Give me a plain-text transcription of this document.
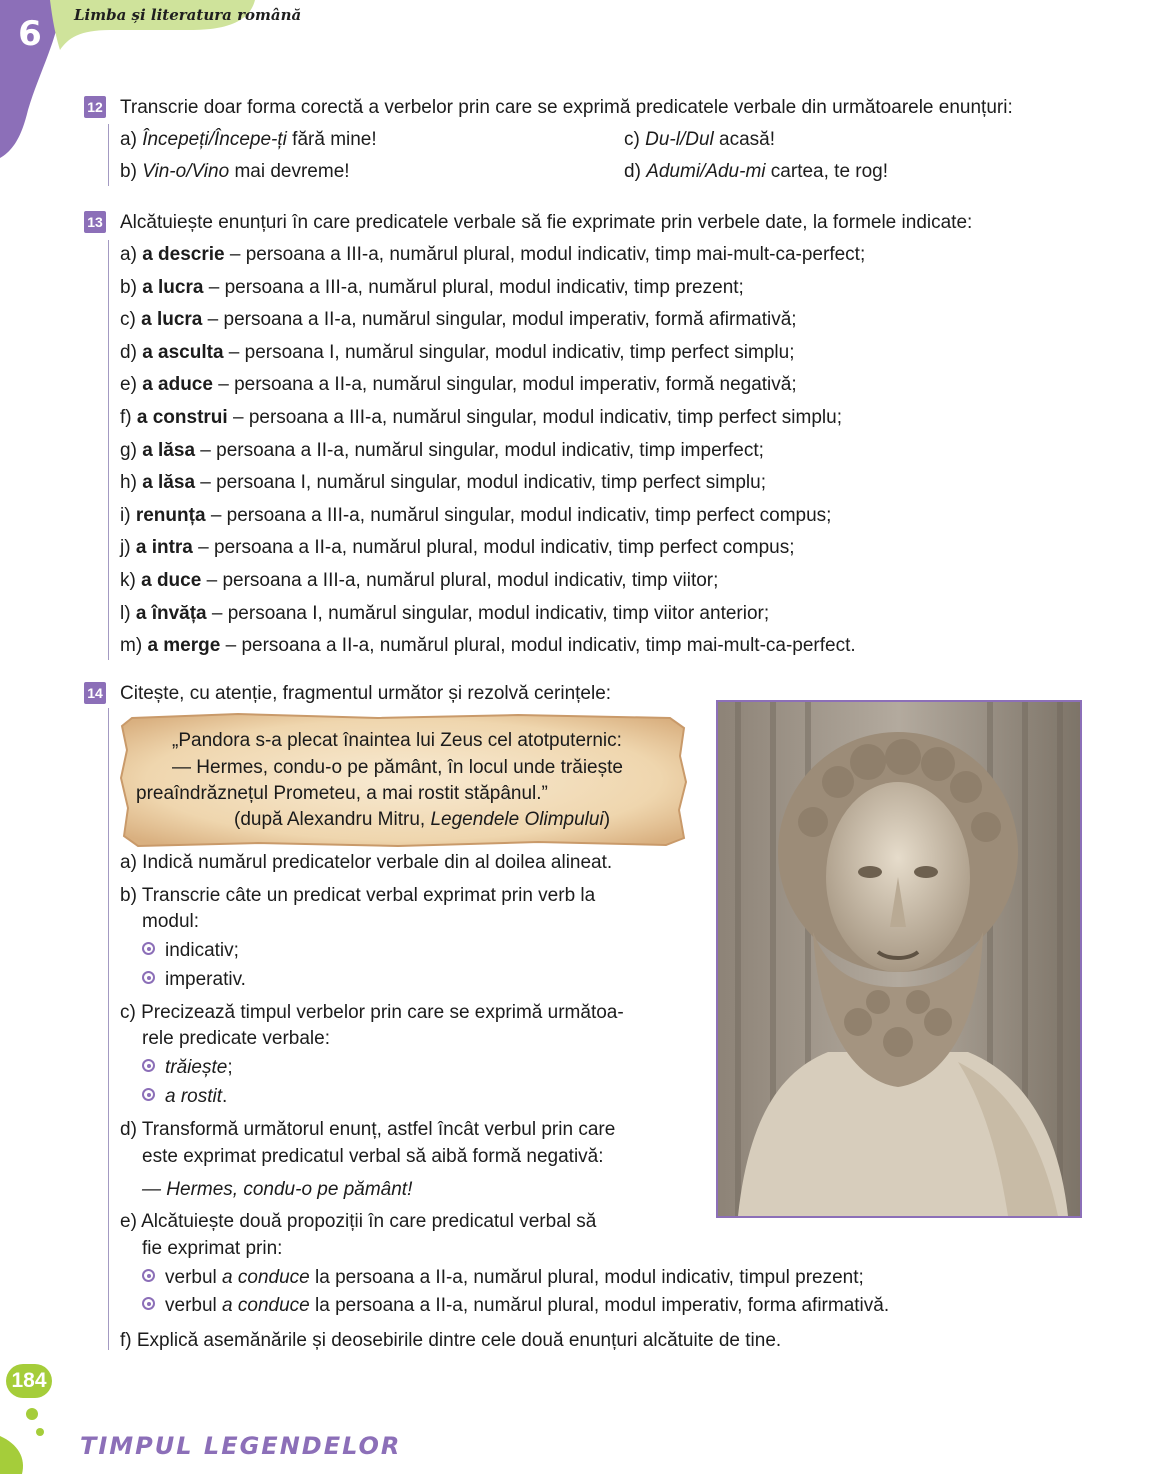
6	Limba și literatura română
12 Transcrie doar forma corectă a verbelor prin care se exprimă predicatele verbale din următoarele enunțuri:
a) Începeți/Începe-ți fără mine!
b) Vin-o/Vino mai devreme!
c) Du-l/Dul acasă!
d) Adumi/Adu-mi cartea, te rog!
13 Alcătuiește enunțuri în care predicatele verbale să fie exprimate prin verbele date, la formele indicate:
a) a descrie – persoana a III-a, numărul plural, modul indicativ, timp mai-mult-ca-perfect;
b) a lucra – persoana a III-a, numărul plural, modul indicativ, timp prezent;
c) a lucra – persoana a II-a, numărul singular, modul imperativ, formă afirmativă;
d) a asculta – persoana I, numărul singular, modul indicativ, timp perfect simplu;
e) a aduce – persoana a II-a, numărul singular, modul imperativ, formă negativă;
f) a construi – persoana a III-a, numărul singular, modul indicativ, timp perfect simplu;
g) a lăsa – persoana a II-a, numărul singular, modul indicativ, timp imperfect;
h) a lăsa – persoana I, numărul singular, modul indicativ, timp perfect simplu;
i) renunța – persoana a III-a, numărul singular, modul indicativ, timp perfect compus;
j) a intra – persoana a II-a, numărul plural, modul indicativ, timp perfect compus;
k) a duce – persoana a III-a, numărul plural, modul indicativ, timp viitor;
l) a învăța – persoana I, numărul singular, modul indicativ, timp viitor anterior;
m) a merge – persoana a II-a, numărul plural, modul indicativ, timp mai-mult-ca-perfect.
14 Citește, cu atenție, fragmentul următor și rezolvă cerințele:
„Pandora s-a plecat înaintea lui Zeus cel atotputernic:
— Hermes, condu-o pe pământ, în locul unde trăiește
preaîndrăznețul Prometeu, a mai rostit stăpânul.”
(după Alexandru Mitru, Legendele Olimpului)
a) Indică numărul predicatelor verbale din al doilea alineat.
b) Transcrie câte un predicat verbal exprimat prin verb la
modul:
indicativ;
imperativ.
c) Precizează timpul verbelor prin care se exprimă următoa-
rele predicate verbale:
trăiește;
a rostit.
d) Transformă următorul enunț, astfel încât verbul prin care
este exprimat predicatul verbal să aibă formă negativă:
— Hermes, condu-o pe pământ!
e) Alcătuiește două propoziții în care predicatul verbal să
fie exprimat prin:
verbul a conduce la persoana a II-a, numărul plural, modul indicativ, timpul prezent;
verbul a conduce la persoana a II-a, numărul plural, modul imperativ, forma afirmativă.
f) Explică asemănările și deosebirile dintre cele două enunțuri alcătuite de tine.
184
TIMPUL LEGENDELOR
